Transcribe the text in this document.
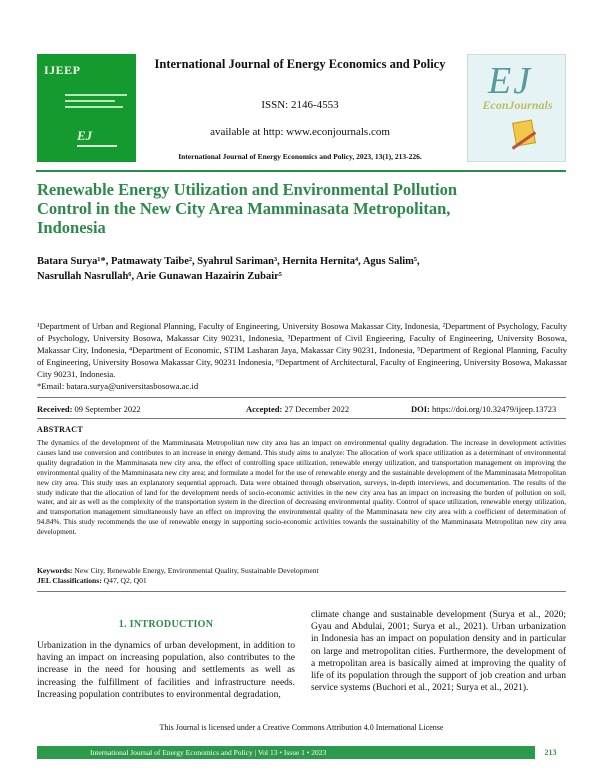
IJEEP
EJ
International Journal of Energy Economics and Policy
ISSN: 2146-4553
available at http: www.econjournals.com
International Journal of Energy Economics and Policy, 2023, 13(1), 213-226.
EJ
EconJournals
Renewable Energy Utilization and Environmental Pollution Control in the New City Area Mamminasata Metropolitan, Indonesia
Batara Surya¹*, Patmawaty Taibe², Syahrul Sariman³, Hernita Hernita⁴, Agus Salim⁵,
Nasrullah Nasrullah⁶, Arie Gunawan Hazairin Zubair⁵
¹Department of Urban and Regional Planning, Faculty of Engineering, University Bosowa Makassar City, Indonesia, ²Department of Psychology, Faculty of Psychology, University Bosowa, Makassar City 90231, Indonesia, ³Department of Civil Engieering, Faculty of Engineering, University Bosowa, Makassar City, Indonesia, ⁴Department of Economic, STIM Lasharan Jaya, Makassar City 90231, Indonesia, ⁵Department of Regional Planning, Faculty of Engineering, University Bosowa Makassar City, 90231 Indonesia, ⁶Department of Architectural, Faculty of Engineering, University Bosowa, Makassar City 90231, Indonesia.
*Email: batara.surya@universitasbosowa.ac.id
Received: 09 September 2022	Accepted: 27 December 2022	DOI: https://doi.org/10.32479/ijeep.13723
ABSTRACT
The dynamics of the development of the Mamminasata Metropolitan new city area has an impact on environmental quality degradation. The increase in development activities causes land use conversion and contributes to an increase in energy demand. This study aims to analyze: The allocation of work space utilization as a determinant of environmental quality degradation in the Mamminasata new city area, the effect of controlling space utilization, renewable energy utilization, and transportation management on improving the environmental quality of the Mamminasata new city area; and formulate a model for the use of renewable energy and the sustainable development of the Mamminasata Metropolitan new city area. This study uses an explanatory sequential approach. Data were obtained through observation, surveys, in-depth interviews, and documentation. The results of the study indicate that the allocation of land for the development needs of socio-economic activities in the new city area has an impact on increasing the burden of pollution on soil, water, and air as well as the complexity of the transportation system in the direction of decreasing environmental quality. Control of space utilization, renewable energy utilization, and transportation management simultaneously have an effect on improving the environmental quality of the Mamminasata new city area with a coefficient of determination of 94.84%. This study recommends the use of renewable energy in supporting socio-economic activities towards the sustainability of the Mamminasata Metropolitan new city area development.
Keywords: New City, Renewable Energy, Environmental Quality, Sustainable Development
JEL Classifications: Q47, Q2, Q01
1. INTRODUCTION
Urbanization in the dynamics of urban development, in addition to having an impact on increasing population, also contributes to the increase in the need for housing and settlements as well as increasing the fulfillment of facilities and infrastructure needs. Increasing population contributes to environmental degradation,
climate change and sustainable development (Surya et al., 2020; Gyau and Abdulai, 2001; Surya et al., 2021). Urban urbanization in Indonesia has an impact on population density and in particular on large and metropolitan cities. Furthermore, the development of a metropolitan area is basically aimed at improving the quality of life of its population through the support of job creation and urban service systems (Buchori et al., 2021; Surya et al., 2021).
This Journal is licensed under a Creative Commons Attribution 4.0 International License
International Journal of Energy Economics and Policy | Vol 13 • Issue 1 • 2023	213
